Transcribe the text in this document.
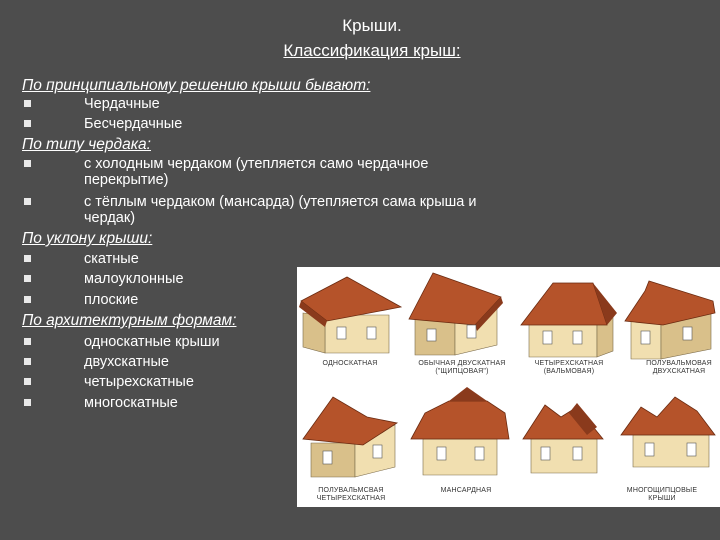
Крыши.
Классификация крыш:
По принципиальному решению крыши бывают:
Чердачные
Бесчердачные
По типу чердака:
с холодным чердаком (утепляется само чердачное
перекрытие)
с тёплым чердаком (мансарда) (утепляется сама крыша и
чердак)
По уклону крыши:
скатные
малоуклонные
плоские
По архитектурным формам:
односкатные крыши
двухскатные
четырехскатные
многоскатные
ОДНОСКАТНАЯ	ОБЫЧНАЯ ДВУСКАТНАЯ
("ЩИПЦОВАЯ")
ЧЕТЫРЕХСКАТНАЯ
(ВАЛЬМОВАЯ)
ПОЛУВАЛЬМОВАЯ
ДВУХСКАТНАЯ
ПОЛУВАЛЬМСВАЯ
ЧЕТЫРЕХСКАТНАЯ
МАНСАРДНАЯ	МНОГОЩИПЦОВЫЕ
КРЫШИ
